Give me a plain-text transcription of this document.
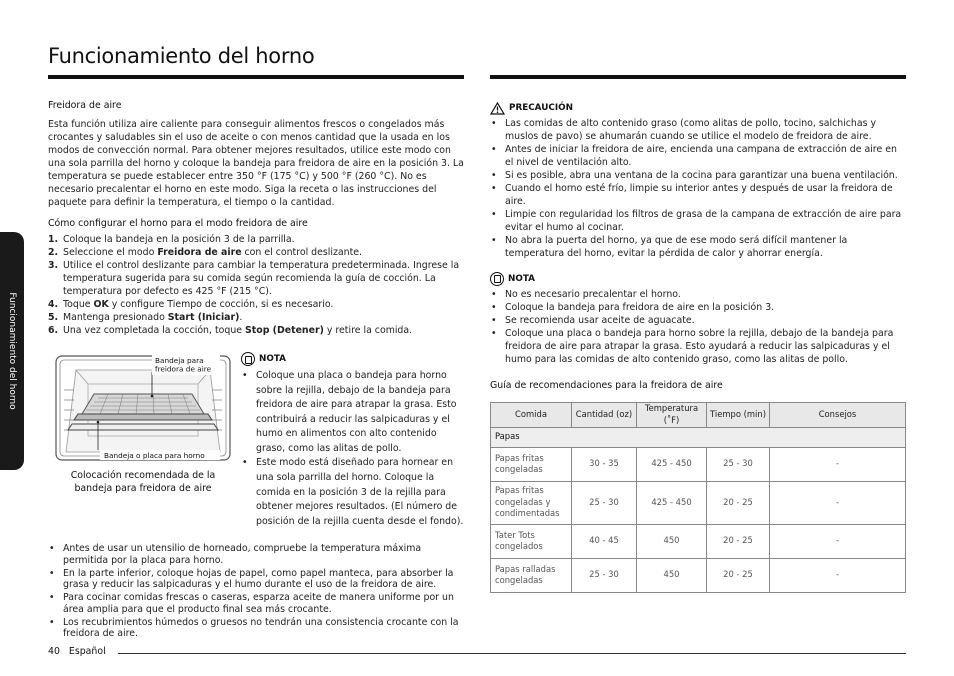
Funcionamiento del horno
Funcionamiento del horno
Freidora de aire

Esta función utiliza aire caliente para conseguir alimentos frescos o congelados más crocantes y saludables sin el uso de aceite o con menos cantidad que la usada en los modos de convección normal. Para obtener mejores resultados, utilice este modo con una sola parrilla del horno y coloque la bandeja para freidora de aire en la posición 3. La temperatura se puede establecer entre 350 °F (175 °C) y 500 °F (260 °C). No es necesario precalentar el horno en este modo. Siga la receta o las instrucciones del paquete para definir la temperatura, el tiempo o la cantidad.

Cómo configurar el horno para el modo freidora de aire
1. Coloque la bandeja en la posición 3 de la parrilla.
2. Seleccione el modo Freidora de aire con el control deslizante.
3. Utilice el control deslizante para cambiar la temperatura predeterminada. Ingrese la temperatura sugerida para su comida según recomienda la guía de cocción. La temperatura por defecto es 425 °F (215 °C).
4. Toque OK y configure Tiempo de cocción, si es necesario.
5. Mantenga presionado Start (Iniciar).
6. Una vez completada la cocción, toque Stop (Detener) y retire la comida.
Bandeja para
freidora de aire
Bandeja o placa para horno
Colocación recomendada de la
bandeja para freidora de aire
NOTA
• Coloque una placa o bandeja para horno sobre la rejilla, debajo de la bandeja para freidora de aire para atrapar la grasa. Esto contribuirá a reducir las salpicaduras y el humo en alimentos con alto contenido graso, como las alitas de pollo.
• Este modo está diseñado para hornear en una sola parrilla del horno. Coloque la comida en la posición 3 de la rejilla para obtener mejores resultados. (El número de posición de la rejilla cuenta desde el fondo).
• Antes de usar un utensilio de horneado, compruebe la temperatura máxima permitida por la placa para horno.
• En la parte inferior, coloque hojas de papel, como papel manteca, para absorber la grasa y reducir las salpicaduras y el humo durante el uso de la freidora de aire.
• Para cocinar comidas frescas o caseras, esparza aceite de manera uniforme por un área amplia para que el producto final sea más crocante.
• Los recubrimientos húmedos o gruesos no tendrán una consistencia crocante con la freidora de aire.
PRECAUCIÓN
• Las comidas de alto contenido graso (como alitas de pollo, tocino, salchichas y muslos de pavo) se ahumarán cuando se utilice el modelo de freidora de aire.
• Antes de iniciar la freidora de aire, encienda una campana de extracción de aire en el nivel de ventilación alto.
• Si es posible, abra una ventana de la cocina para garantizar una buena ventilación.
• Cuando el horno esté frío, limpie su interior antes y después de usar la freidora de aire.
• Limpie con regularidad los filtros de grasa de la campana de extracción de aire para evitar el humo al cocinar.
• No abra la puerta del horno, ya que de ese modo será difícil mantener la temperatura del horno, evitar la pérdida de calor y ahorrar energía.
NOTA
• No es necesario precalentar el horno.
• Coloque la bandeja para freidora de aire en la posición 3.
• Se recomienda usar aceite de aguacate.
• Coloque una placa o bandeja para horno sobre la rejilla, debajo de la bandeja para freidora de aire para atrapar la grasa. Esto ayudará a reducir las salpicaduras y el humo para las comidas de alto contenido graso, como las alitas de pollo.
Guía de recomendaciones para la freidora de aire
Comida	Cantidad (oz)	Temperatura (˚F)	Tiempo (min)	Consejos
Papas				
Papas fritas congeladas	30 - 35	425 - 450	25 - 30	-
Papas fritas congeladas y condimentadas	25 - 30	425 - 450	20 - 25	-
Tater Tots congelados	40 - 45	450	20 - 25	-
Papas ralladas congeladas	25 - 30	450	20 - 25	-
40 Español
